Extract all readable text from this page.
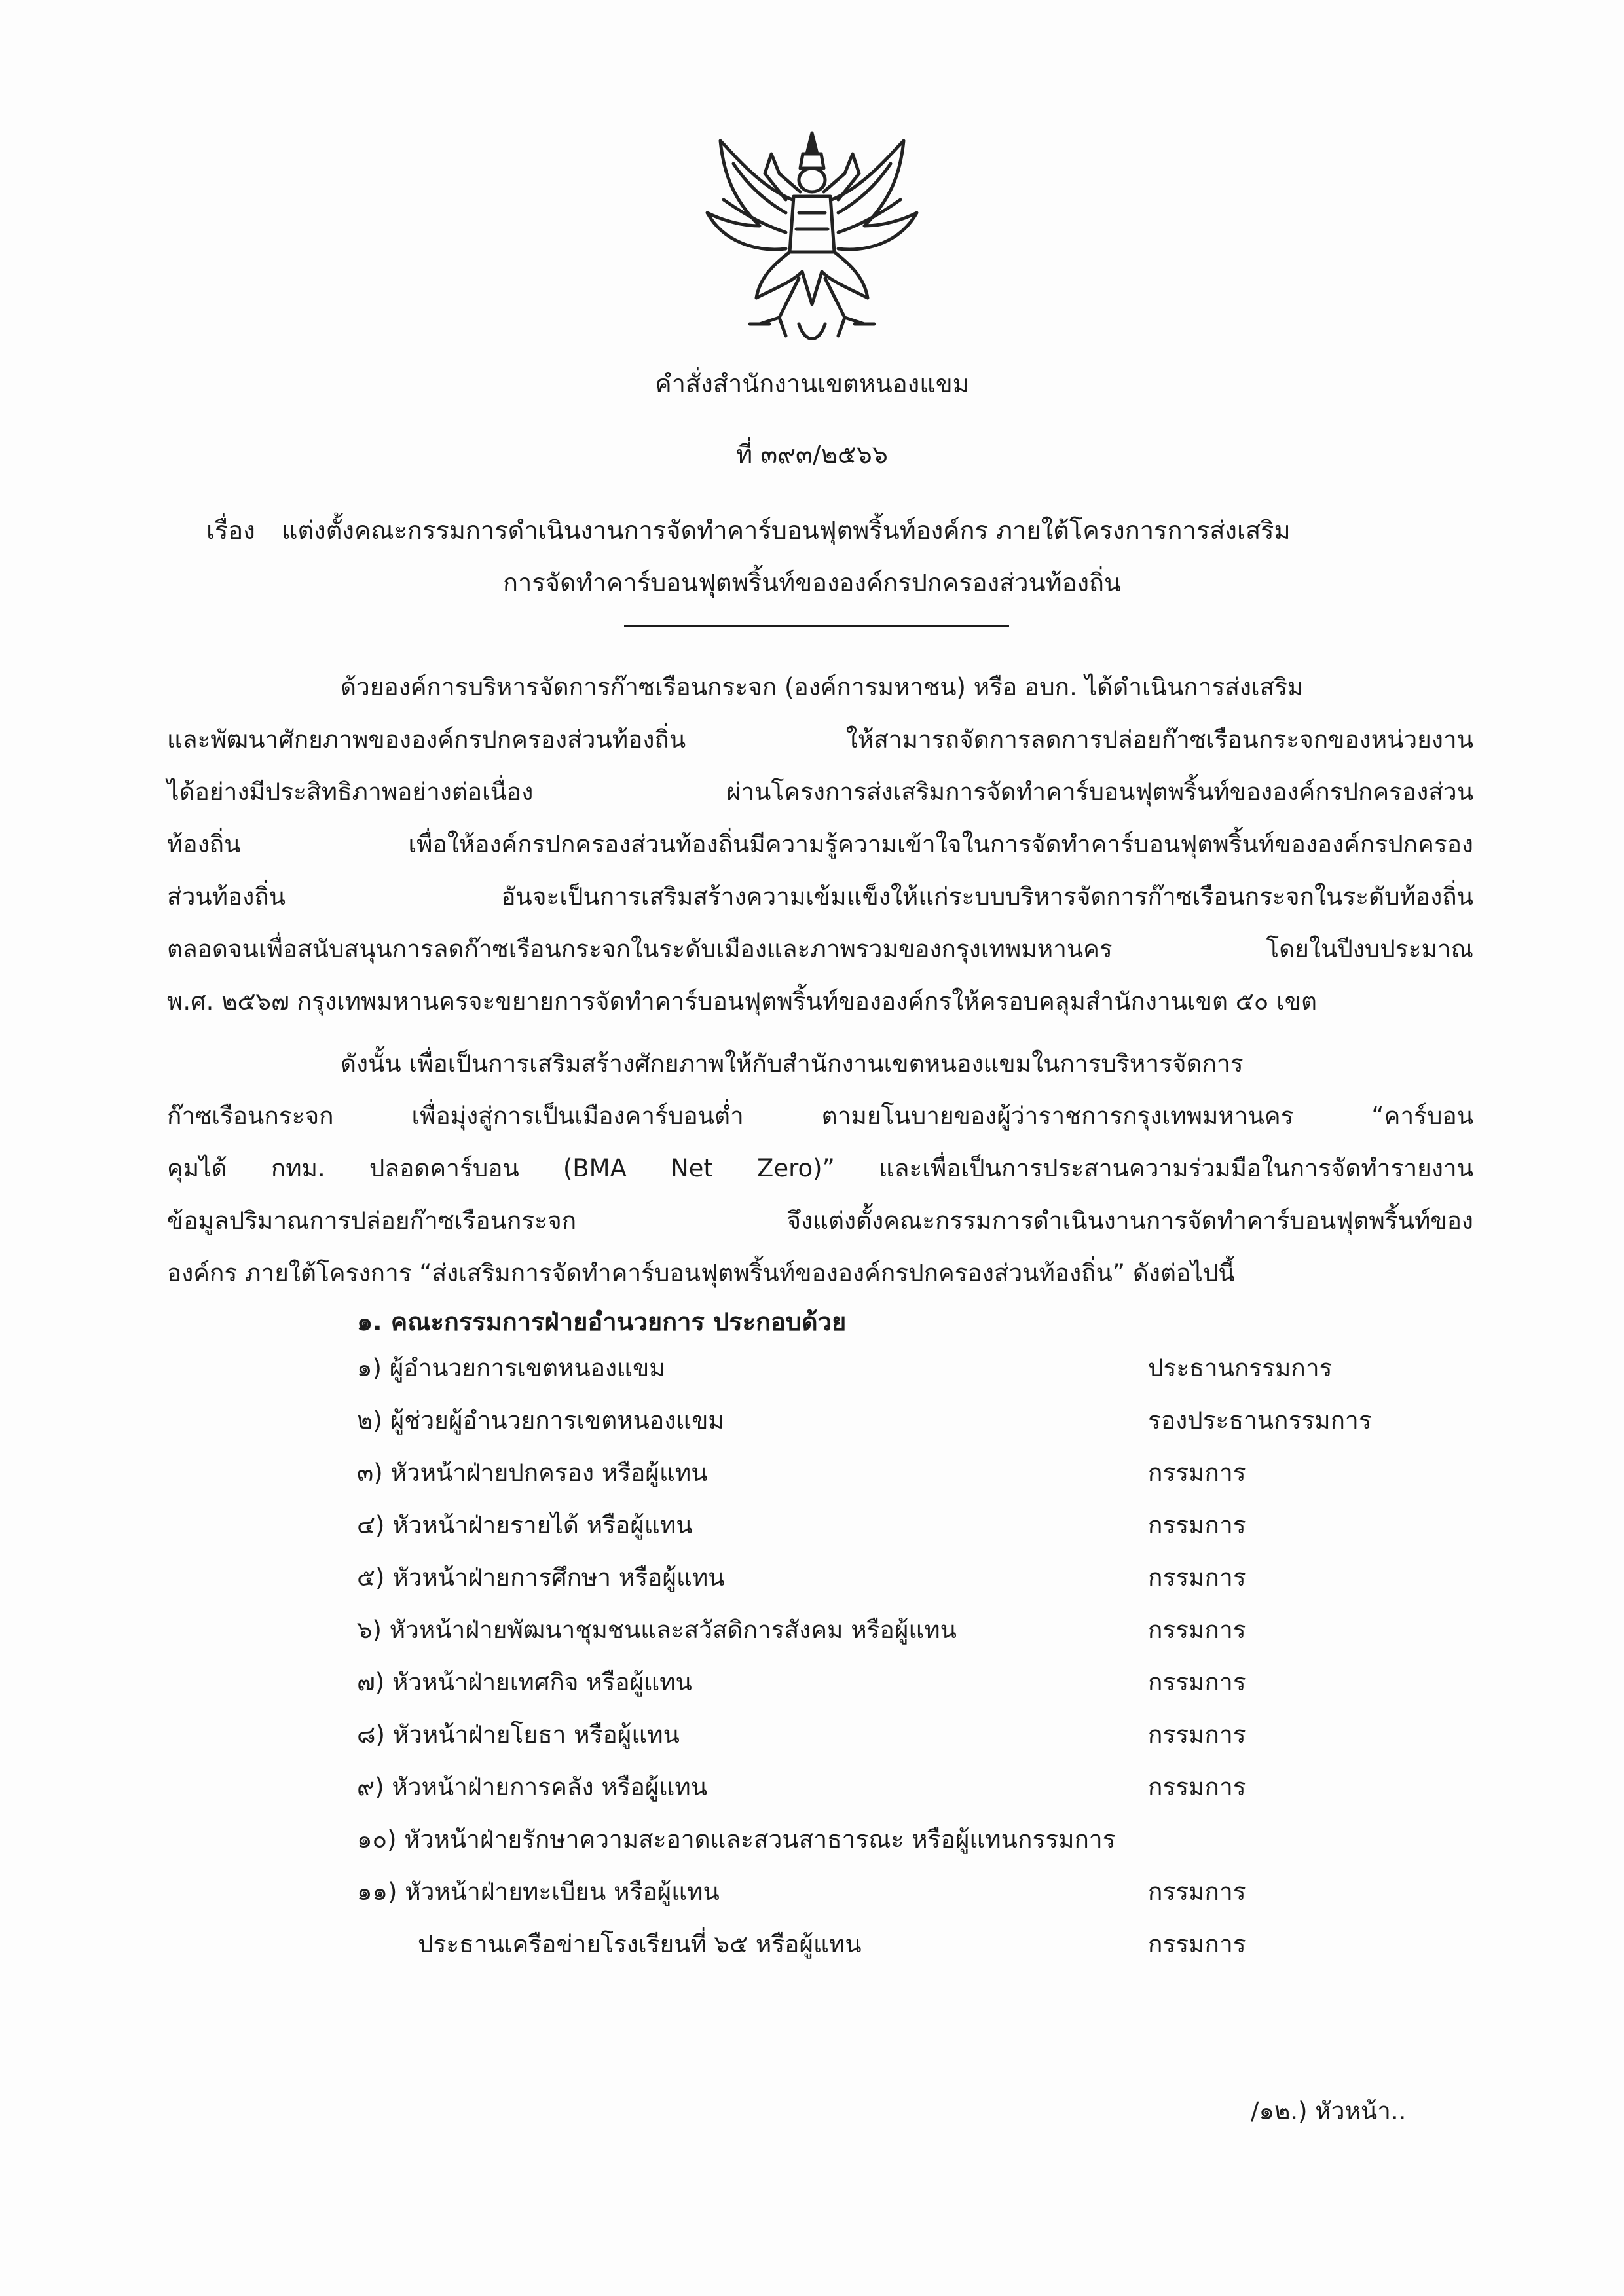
คำสั่งสำนักงานเขตหนองแขม
ที่ ๓๙๓/๒๕๖๖
เรื่อง แต่งตั้งคณะกรรมการดำเนินงานการจัดทำคาร์บอนฟุตพริ้นท์องค์กร ภายใต้โครงการการส่งเสริม
การจัดทำคาร์บอนฟุตพริ้นท์ขององค์กรปกครองส่วนท้องถิ่น
ด้วยองค์การบริหารจัดการก๊าซเรือนกระจก (องค์การมหาชน) หรือ อบก. ได้ดำเนินการส่งเสริม
และพัฒนาศักยภาพขององค์กรปกครองส่วนท้องถิ่น ให้สามารถจัดการลดการปล่อยก๊าซเรือนกระจกของหน่วยงาน
ได้อย่างมีประสิทธิภาพอย่างต่อเนื่อง ผ่านโครงการส่งเสริมการจัดทำคาร์บอนฟุตพริ้นท์ขององค์กรปกครองส่วน
ท้องถิ่น เพื่อให้องค์กรปกครองส่วนท้องถิ่นมีความรู้ความเข้าใจในการจัดทำคาร์บอนฟุตพริ้นท์ขององค์กรปกครอง
ส่วนท้องถิ่น อันจะเป็นการเสริมสร้างความเข้มแข็งให้แก่ระบบบริหารจัดการก๊าซเรือนกระจกในระดับท้องถิ่น
ตลอดจนเพื่อสนับสนุนการลดก๊าซเรือนกระจกในระดับเมืองและภาพรวมของกรุงเทพมหานคร โดยในปีงบประมาณ
พ.ศ. ๒๕๖๗ กรุงเทพมหานครจะขยายการจัดทำคาร์บอนฟุตพริ้นท์ขององค์กรให้ครอบคลุมสำนักงานเขต ๕๐ เขต
ดังนั้น เพื่อเป็นการเสริมสร้างศักยภาพให้กับสำนักงานเขตหนองแขมในการบริหารจัดการ
ก๊าซเรือนกระจก เพื่อมุ่งสู่การเป็นเมืองคาร์บอนต่ำ ตามยโนบายของผู้ว่าราชการกรุงเทพมหานคร “คาร์บอน
คุมได้ กทม. ปลอดคาร์บอน (BMA Net Zero)” และเพื่อเป็นการประสานความร่วมมือในการจัดทำรายงาน
ข้อมูลปริมาณการปล่อยก๊าซเรือนกระจก จึงแต่งตั้งคณะกรรมการดำเนินงานการจัดทำคาร์บอนฟุตพริ้นท์ของ
องค์กร ภายใต้โครงการ “ส่งเสริมการจัดทำคาร์บอนฟุตพริ้นท์ขององค์กรปกครองส่วนท้องถิ่น” ดังต่อไปนี้
๑. คณะกรรมการฝ่ายอำนวยการ ประกอบด้วย
๑) ผู้อำนวยการเขตหนองแขม	ประธานกรรมการ
๒) ผู้ช่วยผู้อำนวยการเขตหนองแขม	รองประธานกรรมการ
๓) หัวหน้าฝ่ายปกครอง หรือผู้แทน	กรรมการ
๔) หัวหน้าฝ่ายรายได้ หรือผู้แทน	กรรมการ
๕) หัวหน้าฝ่ายการศึกษา หรือผู้แทน	กรรมการ
๖) หัวหน้าฝ่ายพัฒนาชุมชนและสวัสดิการสังคม หรือผู้แทน	กรรมการ
๗) หัวหน้าฝ่ายเทศกิจ หรือผู้แทน	กรรมการ
๘) หัวหน้าฝ่ายโยธา หรือผู้แทน	กรรมการ
๙) หัวหน้าฝ่ายการคลัง หรือผู้แทน	กรรมการ
๑๐) หัวหน้าฝ่ายรักษาความสะอาดและสวนสาธารณะ หรือผู้แทนกรรมการ
๑๑) หัวหน้าฝ่ายทะเบียน หรือผู้แทน	กรรมการ
ประธานเครือข่ายโรงเรียนที่ ๖๕ หรือผู้แทน	กรรมการ
/๑๒.) หัวหน้า..
